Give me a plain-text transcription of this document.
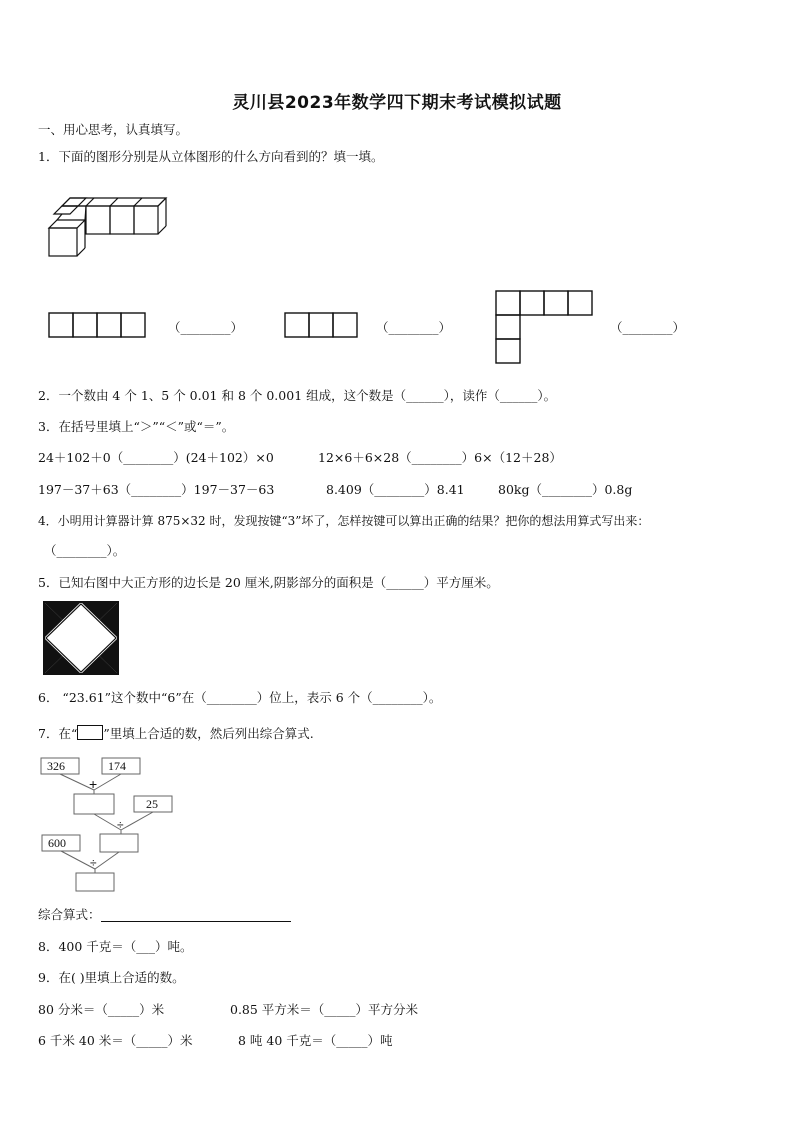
灵川县2023年数学四下期末考试模拟试题
一、用心思考，认真填写。
1．下面的图形分别是从立体图形的什么方向看到的？填一填。
（________）	（________）	（________）
2．一个数由 4 个 1、5 个 0.01 和 8 个 0.001 组成，这个数是（______），读作（______）。
3．在括号里填上“＞”“＜”或“＝”。
24＋102＋0（________）(24＋102）×0	12×6＋6×28（________）6×（12＋28）
197－37＋63（________）197－37－63	8.409（________）8.41	80kg（________）0.8g
4．小明用计算器计算 875×32 时，发现按键“3”坏了，怎样按键可以算出正确的结果？把你的想法用算式写出来：
（________）。
5．已知右图中大正方形的边长是 20 厘米,阴影部分的面积是（______）平方厘米。
6． “23.61”这个数中“6”在（________）位上，表示 6 个（________）。
7．在“ ”里填上合适的数，然后列出综合算式.
326	174
+
25
÷
600
÷
综合算式：
8．400 千克＝（___）吨。
9．在( )里填上合适的数。
80 分米＝（_____）米	0.85 平方米＝（_____）平方分米
6 千米 40 米＝（_____）米	8 吨 40 千克＝（_____）吨
